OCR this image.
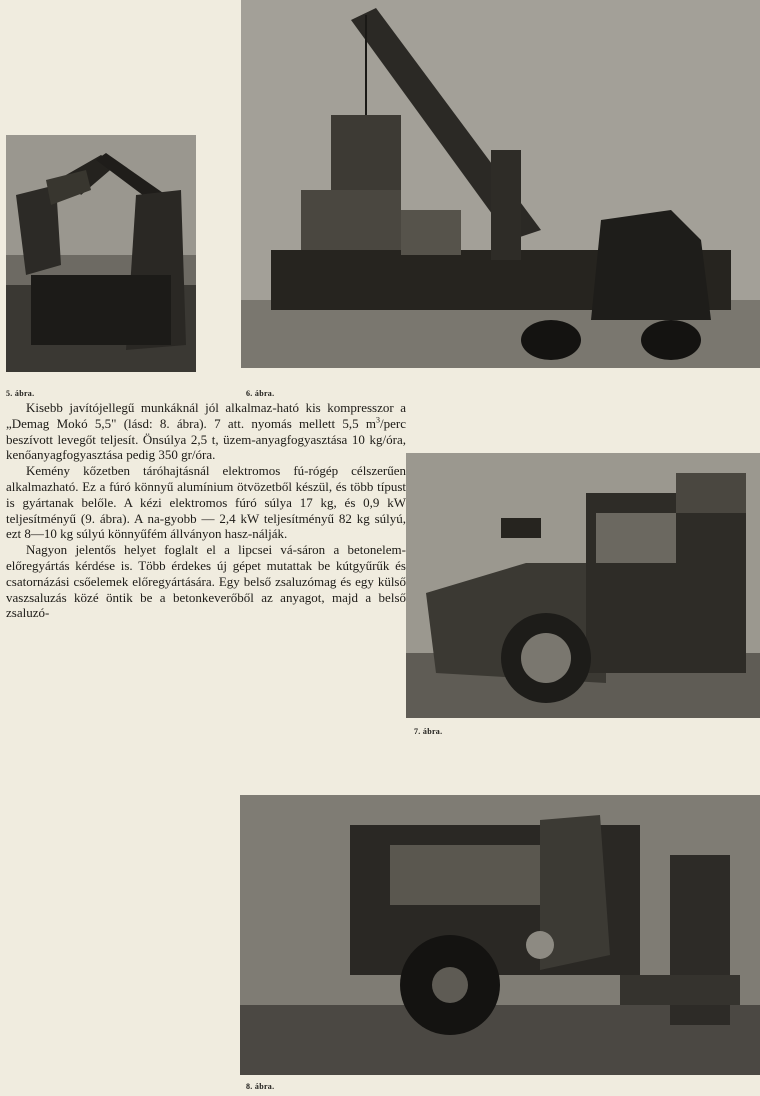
5. ábra.	6. ábra.

Kisebb javítójellegű munkáknál jól alkalmaz-ható kis kompresszor a „Demag Mokó 5,5" (lásd: 8. ábra). 7 att. nyomás mellett 5,5 $m^3$/perc beszívott levegőt teljesít. Önsúlya 2,5 t, üzem-anyagfogyasztása 10 kg/óra, kenőanyagfogyasztása pedig 350 gr/óra.

Kemény kőzetben táróhajtásnál elektromos fú-rógép célszerűen alkalmazható. Ez a fúró könnyű alumínium ötvözetből készül, és több típust is gyártanak belőle. A kézi elektromos fúró súlya 17 kg, és 0,9 kW teljesítményű (9. ábra). A na-gyobb — 2,4 kW teljesítményű 82 kg súlyú, ezt 8—10 kg súlyú könnyűfém állványon hasz-nálják.

Nagyon jelentős helyet foglalt el a lipcsei vá-sáron a betonelem-előregyártás kérdése is. Több érdekes új gépet mutattak be kútgyűrűk és csatornázási csőelemek előregyártására. Egy belső zsaluzómag és egy külső vaszsaluzás közé öntik be a betonkeverőből az anyagot, majd a belső zsaluzó-

7. ábra.
8. ábra.
